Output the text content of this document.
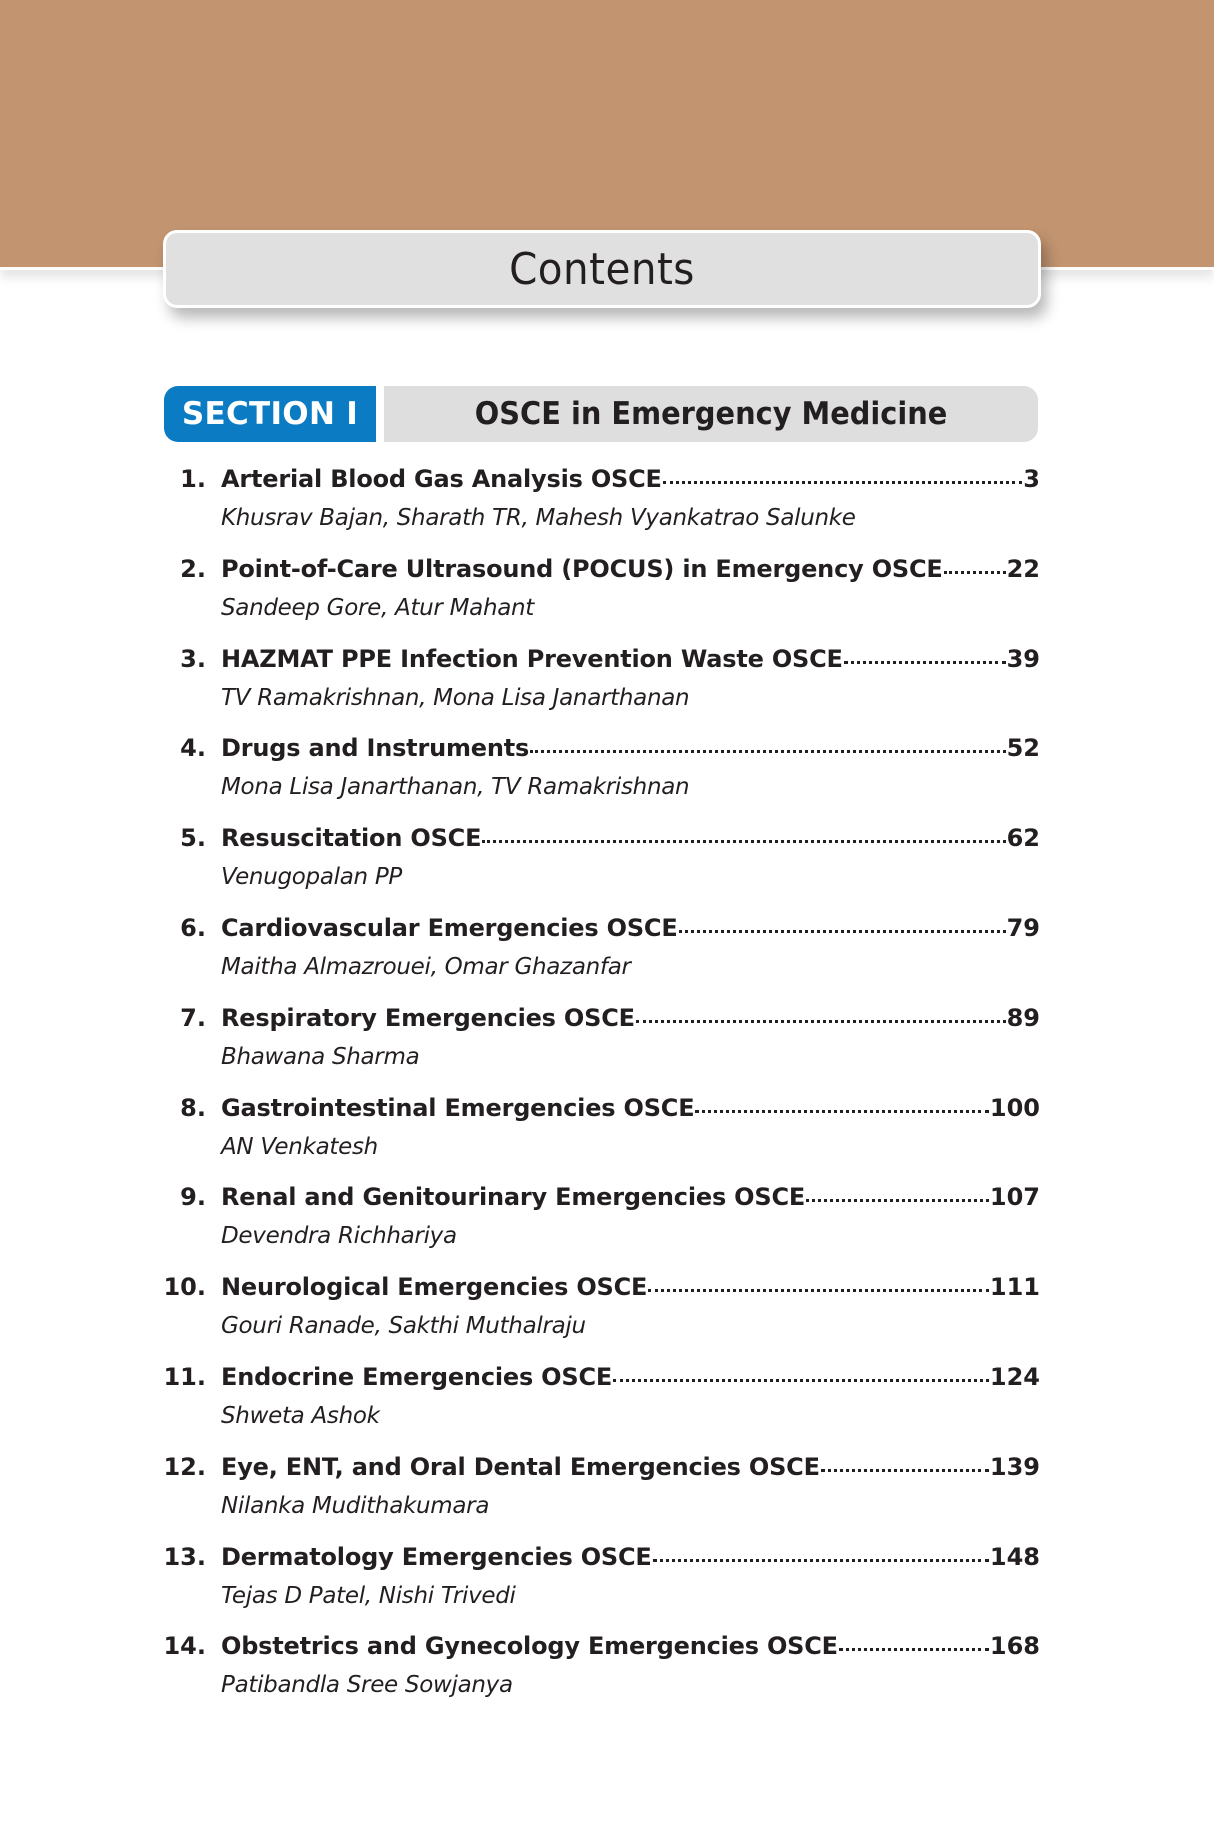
Contents
SECTION I	OSCE in Emergency Medicine
1. Arterial Blood Gas Analysis OSCE	3
Khusrav Bajan, Sharath TR, Mahesh Vyankatrao Salunke
2. Point-of-Care Ultrasound (POCUS) in Emergency OSCE	22
Sandeep Gore, Atur Mahant
3. HAZMAT PPE Infection Prevention Waste OSCE	39
TV Ramakrishnan, Mona Lisa Janarthanan
4. Drugs and Instruments	52
Mona Lisa Janarthanan, TV Ramakrishnan
5. Resuscitation OSCE	62
Venugopalan PP
6. Cardiovascular Emergencies OSCE	79
Maitha Almazrouei, Omar Ghazanfar
7. Respiratory Emergencies OSCE	89
Bhawana Sharma
8. Gastrointestinal Emergencies OSCE	100
AN Venkatesh
9. Renal and Genitourinary Emergencies OSCE	107
Devendra Richhariya
10. Neurological Emergencies OSCE	111
Gouri Ranade, Sakthi Muthalraju
11. Endocrine Emergencies OSCE	124
Shweta Ashok
12. Eye, ENT, and Oral Dental Emergencies OSCE	139
Nilanka Mudithakumara
13. Dermatology Emergencies OSCE	148
Tejas D Patel, Nishi Trivedi
14. Obstetrics and Gynecology Emergencies OSCE	168
Patibandla Sree Sowjanya
